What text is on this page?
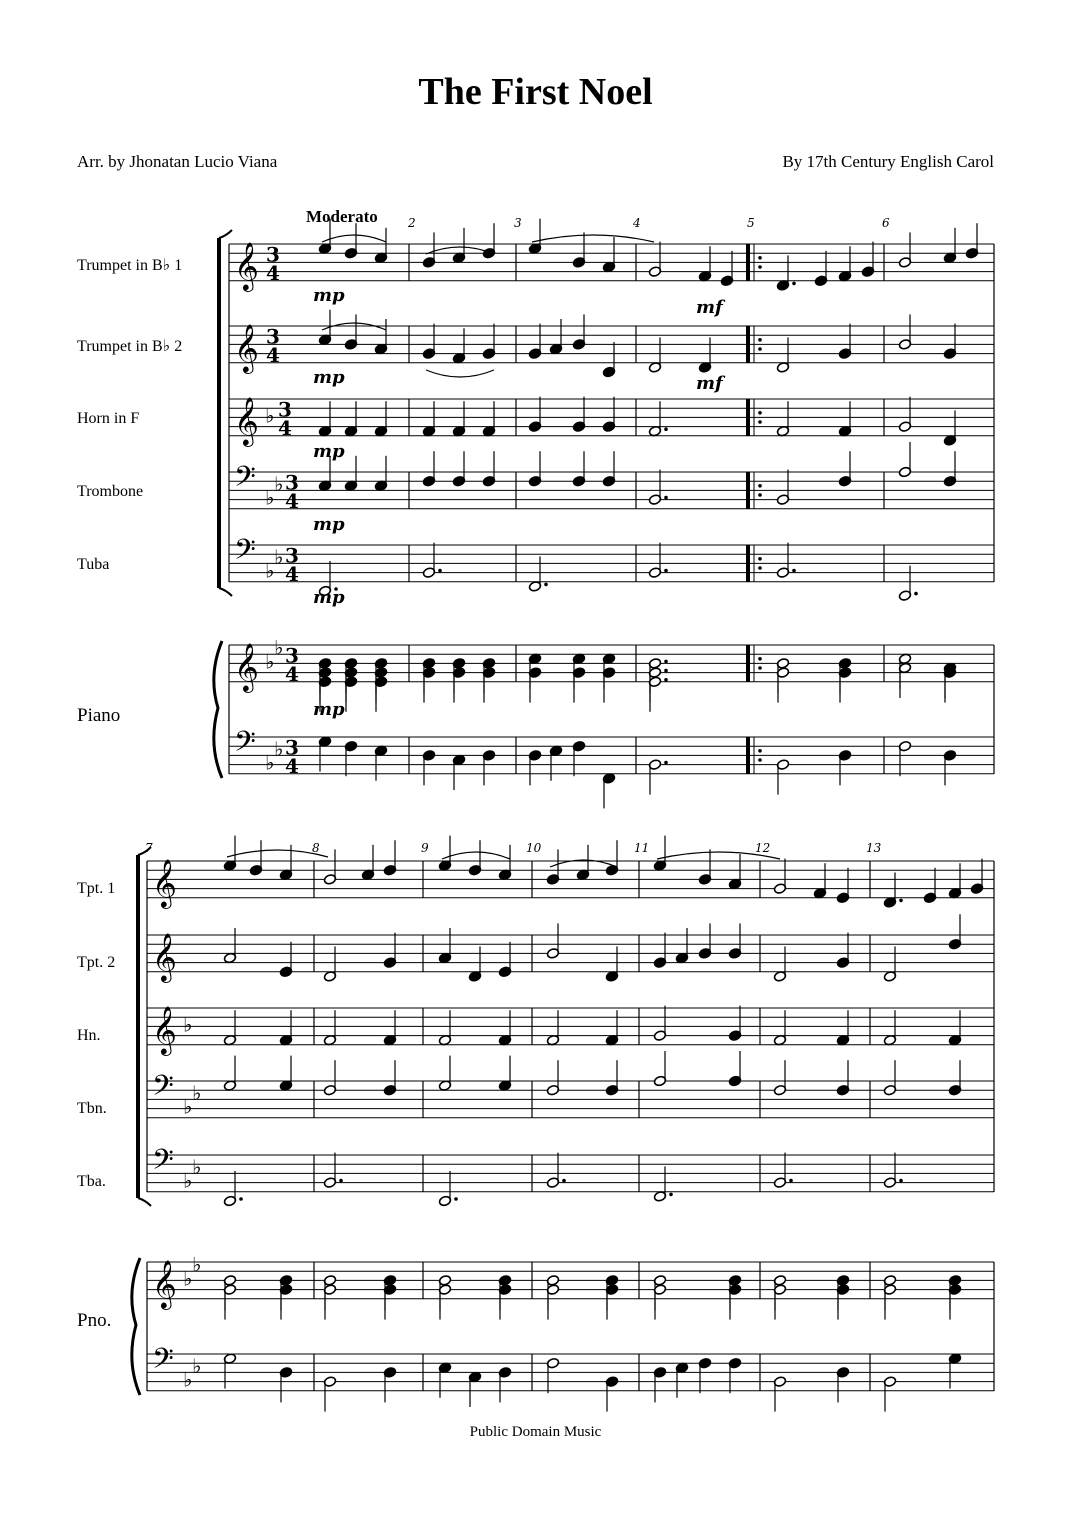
The First Noel
Arr. by Jhonatan Lucio Viana	By 17th Century English Carol
Moderato
Trumpet in B♭ 1
Trumpet in B♭ 2
Horn in F
Trombone
Tuba
Piano
Tpt. 1
Tpt. 2
Hn.
Tbn.
Tba.
Pno.
𝄞 3
4
𝄞 3
4
𝄞 ♭ 3
4
𝄢 ♭
♭ 3
4
𝄢 ♭
♭ 3
4
𝄞 ♭
♭ 3
4
𝄢 ♭
♭ 3
4
2	3	4	5	6
mp
mf
mp	mf
mp
mp
mp
mp
𝄞
𝄞
𝄞 ♭
𝄢 ♭
♭
𝄢 ♭
♭
𝄞 ♭
♭
𝄢 ♭
♭
7	8	9	10	11	12	13
Public Domain Music
